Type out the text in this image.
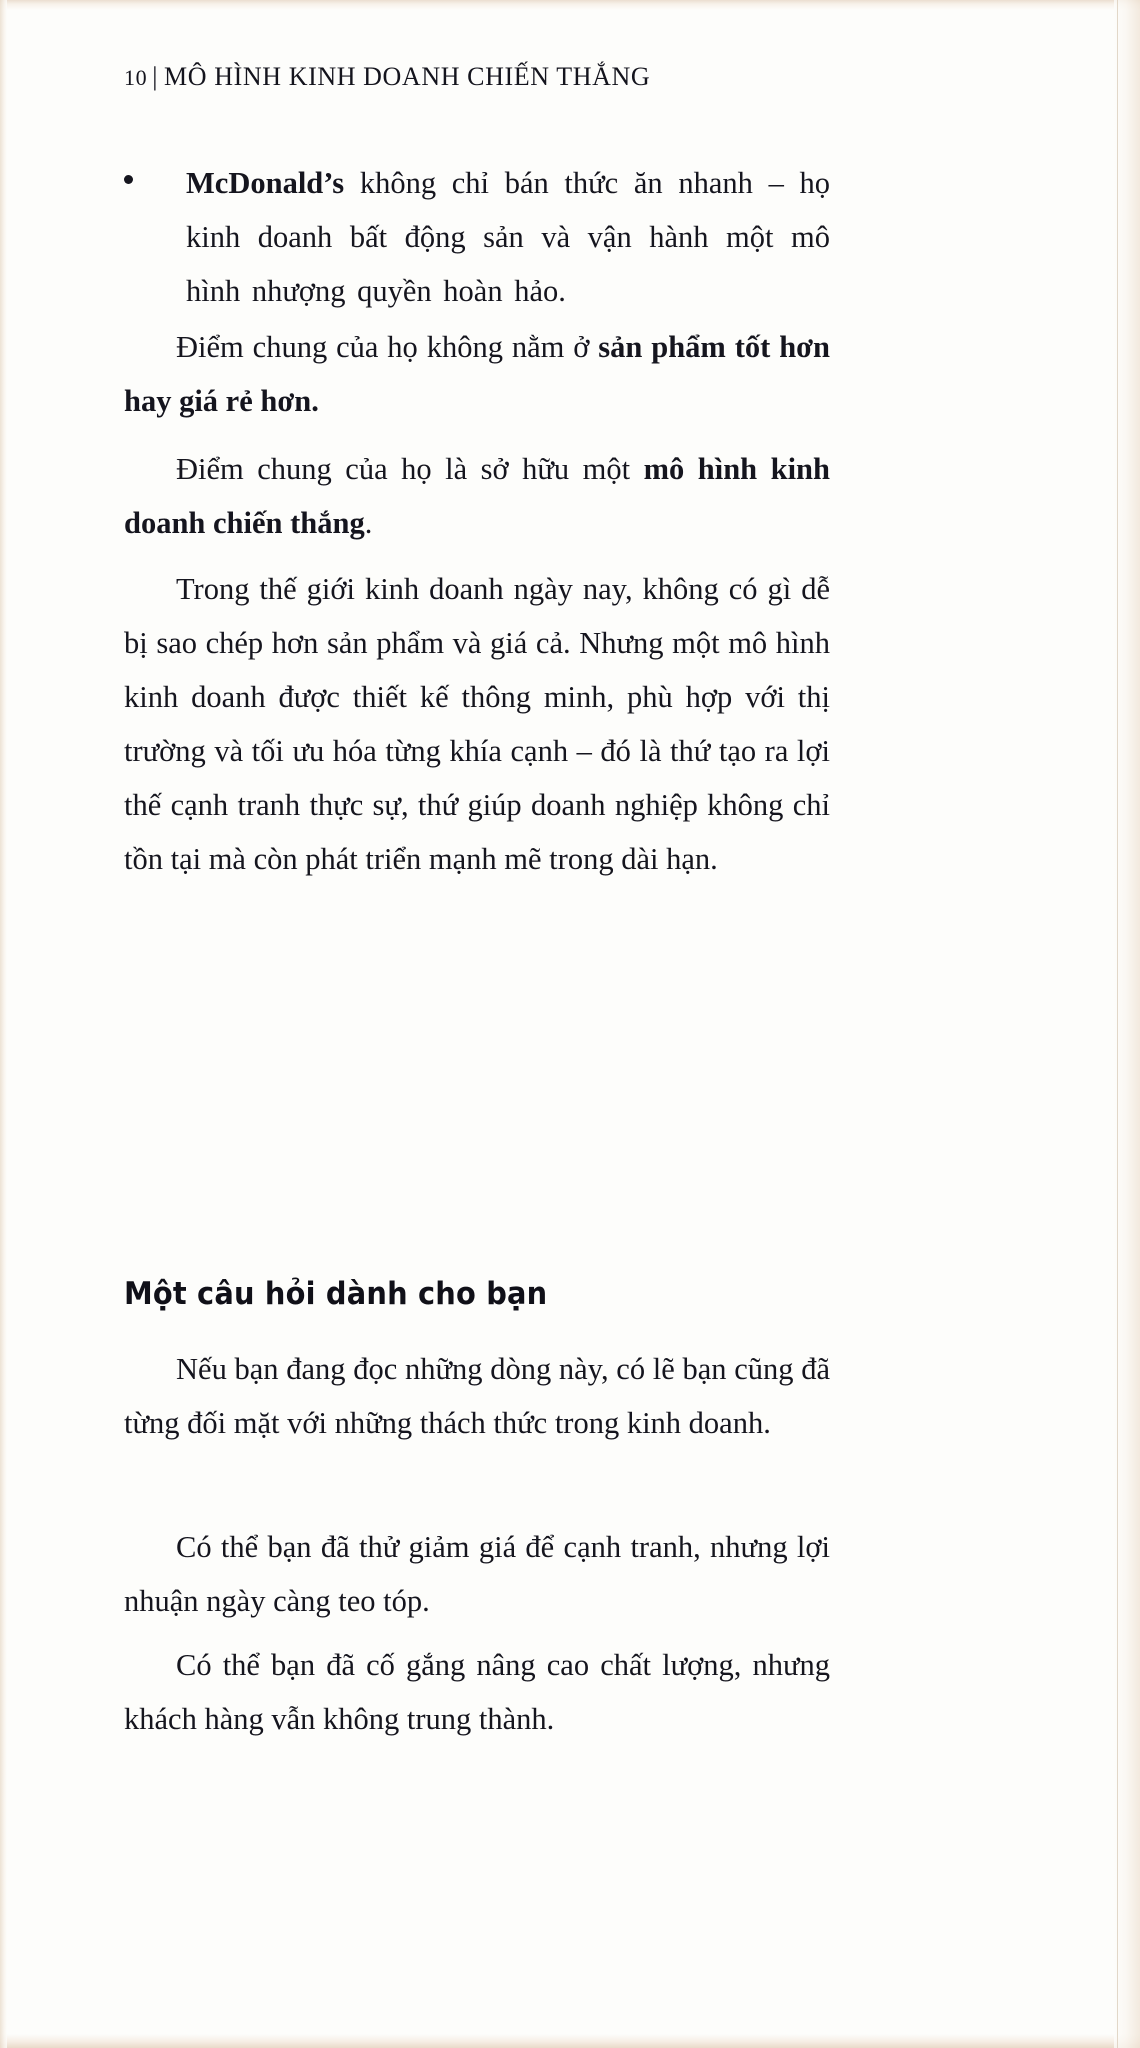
10 | MÔ HÌNH KINH DOANH CHIẾN THẮNG
McDonald’s không chỉ bán thức ăn nhanh – họ kinh doanh bất động sản và vận hành một mô hình nhượng quyền hoàn hảo.
Điểm chung của họ không nằm ở sản phẩm tốt hơn hay giá rẻ hơn.
Điểm chung của họ là sở hữu một mô hình kinh doanh chiến thắng.
Trong thế giới kinh doanh ngày nay, không có gì dễ bị sao chép hơn sản phẩm và giá cả. Nhưng một mô hình kinh doanh được thiết kế thông minh, phù hợp với thị trường và tối ưu hóa từng khía cạnh – đó là thứ tạo ra lợi thế cạnh tranh thực sự, thứ giúp doanh nghiệp không chỉ tồn tại mà còn phát triển mạnh mẽ trong dài hạn.
Một câu hỏi dành cho bạn
Nếu bạn đang đọc những dòng này, có lẽ bạn cũng đã từng đối mặt với những thách thức trong kinh doanh.
Có thể bạn đã thử giảm giá để cạnh tranh, nhưng lợi nhuận ngày càng teo tóp.
Có thể bạn đã cố gắng nâng cao chất lượng, nhưng khách hàng vẫn không trung thành.
